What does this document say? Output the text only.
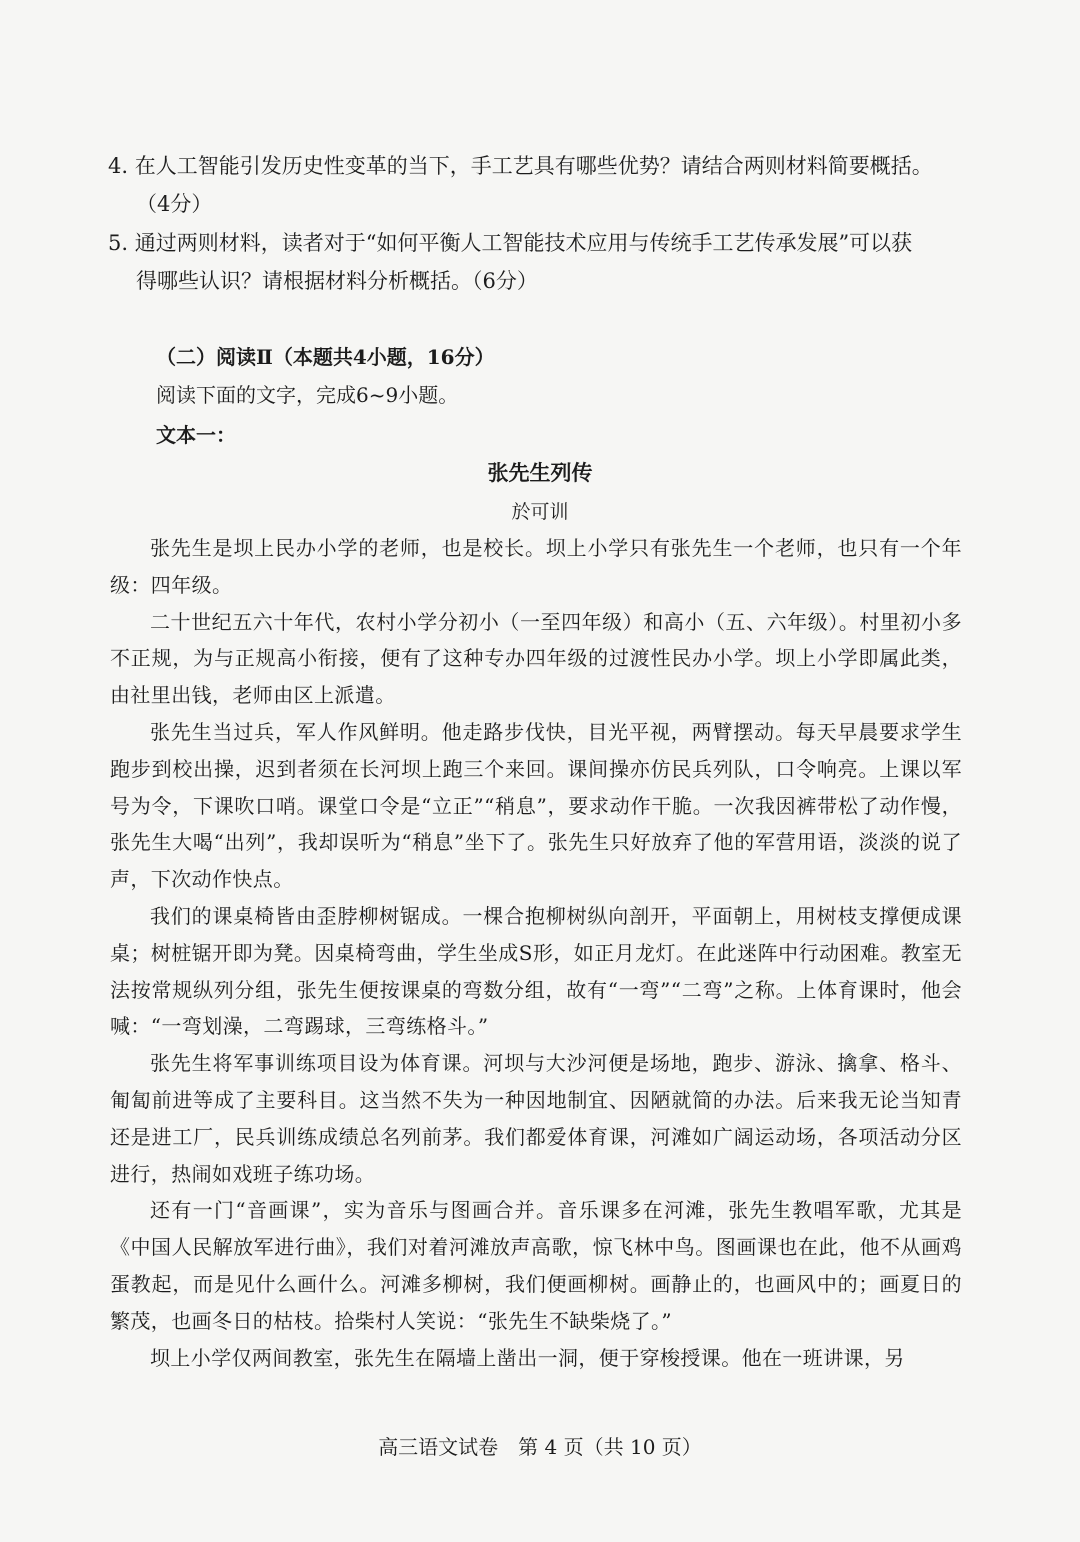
4. 在人工智能引发历史性变革的当下，手工艺具有哪些优势？请结合两则材料简要概括。
（4分）
5. 通过两则材料，读者对于“如何平衡人工智能技术应用与传统手工艺传承发展”可以获
得哪些认识？请根据材料分析概括。（6分）

（二）阅读Ⅱ（本题共4小题，16分）

阅读下面的文字，完成6~9小题。

文本一：

张先生列传

於可训

张先生是坝上民办小学的老师，也是校长。坝上小学只有张先生一个老师，也只有一个年级：四年级。

二十世纪五六十年代，农村小学分初小（一至四年级）和高小（五、六年级）。村里初小多不正规，为与正规高小衔接，便有了这种专办四年级的过渡性民办小学。坝上小学即属此类，由社里出钱，老师由区上派遣。

张先生当过兵，军人作风鲜明。他走路步伐快，目光平视，两臂摆动。每天早晨要求学生跑步到校出操，迟到者须在长河坝上跑三个来回。课间操亦仿民兵列队，口令响亮。上课以军号为令，下课吹口哨。课堂口令是“立正”“稍息”，要求动作干脆。一次我因裤带松了动作慢，张先生大喝“出列”，我却误听为“稍息”坐下了。张先生只好放弃了他的军营用语，淡淡的说了声，下次动作快点。

我们的课桌椅皆由歪脖柳树锯成。一棵合抱柳树纵向剖开，平面朝上，用树枝支撑便成课桌；树桩锯开即为凳。因桌椅弯曲，学生坐成S形，如正月龙灯。在此迷阵中行动困难。教室无法按常规纵列分组，张先生便按课桌的弯数分组，故有“一弯”“二弯”之称。上体育课时，他会喊：“一弯划澡，二弯踢球，三弯练格斗。”

张先生将军事训练项目设为体育课。河坝与大沙河便是场地，跑步、游泳、擒拿、格斗、匍匐前进等成了主要科目。这当然不失为一种因地制宜、因陋就简的办法。后来我无论当知青还是进工厂，民兵训练成绩总名列前茅。我们都爱体育课，河滩如广阔运动场，各项活动分区进行，热闹如戏班子练功场。

还有一门“音画课”，实为音乐与图画合并。音乐课多在河滩，张先生教唱军歌，尤其是《中国人民解放军进行曲》，我们对着河滩放声高歌，惊飞林中鸟。图画课也在此，他不从画鸡蛋教起，而是见什么画什么。河滩多柳树，我们便画柳树。画静止的，也画风中的；画夏日的繁茂，也画冬日的枯枝。拾柴村人笑说：“张先生不缺柴烧了。”

坝上小学仅两间教室，张先生在隔墙上凿出一洞，便于穿梭授课。他在一班讲课，另

高三语文试卷　第 4 页（共 10 页）
